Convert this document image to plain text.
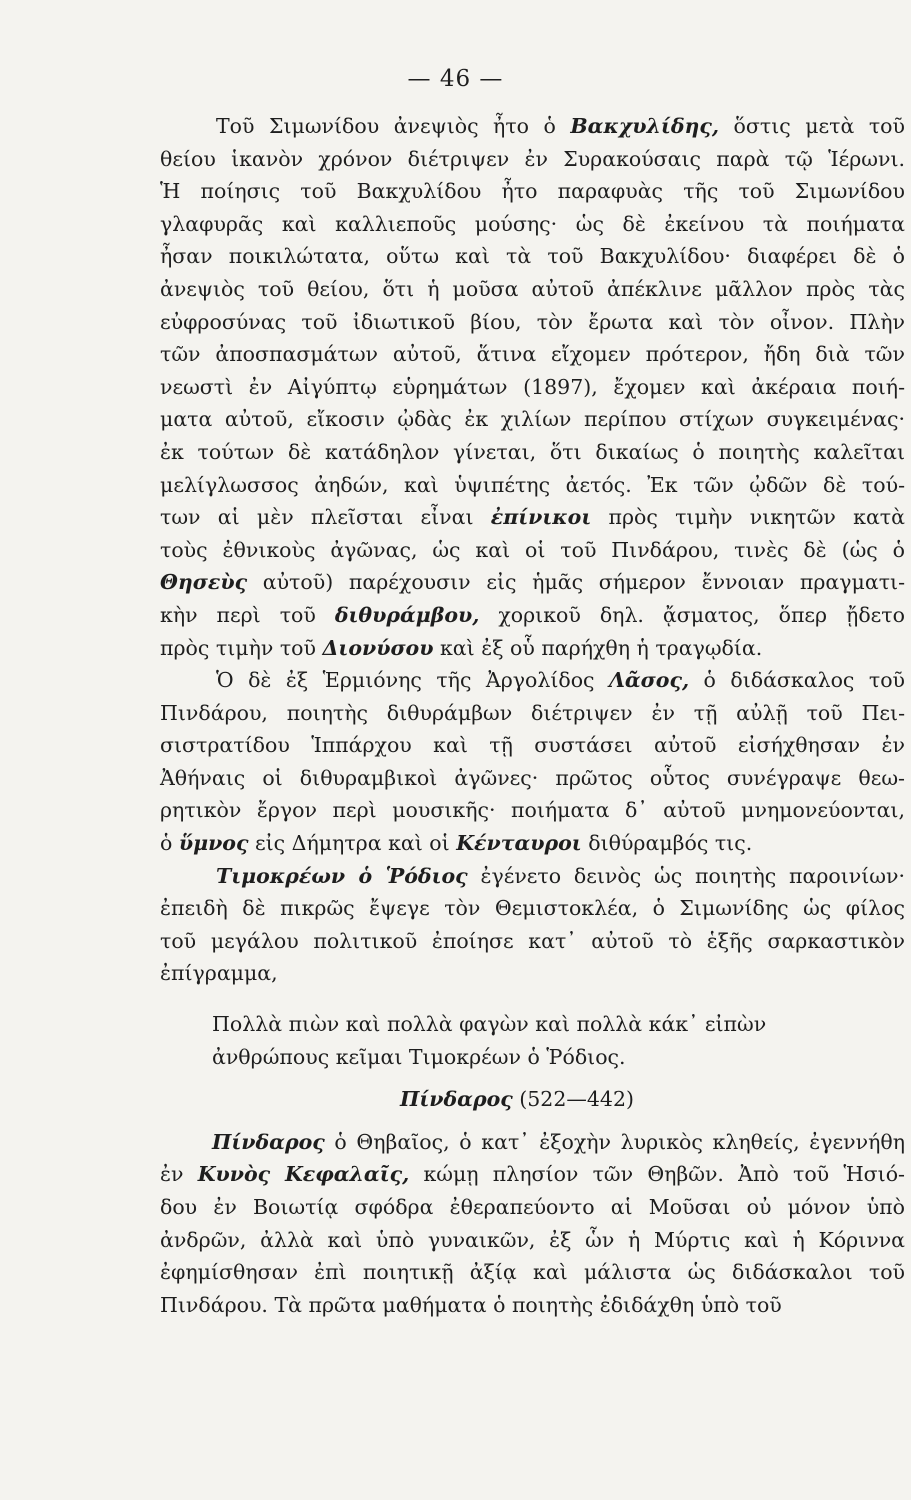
— 46 —
Τοῦ Σιμωνίδου ἀνεψιὸς ἦτο ὁ Βακχυλίδης, ὅστις μετὰ τοῦ
θείου ἱκανὸν χρόνον διέτριψεν ἐν Συρακούσαις παρὰ τῷ Ἱέρωνι.
Ἡ ποίησις τοῦ Βακχυλίδου ἦτο παραφυὰς τῆς τοῦ Σιμωνίδου
γλαφυρᾶς καὶ καλλιεποῦς μούσης· ὡς δὲ ἐκείνου τὰ ποιήματα
ἦσαν ποικιλώτατα, οὕτω καὶ τὰ τοῦ Βακχυλίδου· διαφέρει δὲ ὁ
ἀνεψιὸς τοῦ θείου, ὅτι ἡ μοῦσα αὐτοῦ ἀπέκλινε μᾶλλον πρὸς τὰς
εὐφροσύνας τοῦ ἰδιωτικοῦ βίου, τὸν ἔρωτα καὶ τὸν οἶνον. Πλὴν
τῶν ἀποσπασμάτων αὐτοῦ, ἅτινα εἴχομεν πρότερον, ἤδη διὰ τῶν
νεωστὶ ἐν Αἰγύπτῳ εὑρημάτων (1897), ἔχομεν καὶ ἀκέραια ποιή-
ματα αὐτοῦ, εἴκοσιν ᾠδὰς ἐκ χιλίων περίπου στίχων συγκειμένας·
ἐκ τούτων δὲ κατάδηλον γίνεται, ὅτι δικαίως ὁ ποιητὴς καλεῖται
μελίγλωσσος ἀηδών, καὶ ὑψιπέτης ἀετός. Ἐκ τῶν ᾠδῶν δὲ τού-
των αἱ μὲν πλεῖσται εἶναι ἐπίνικοι πρὸς τιμὴν νικητῶν κατὰ
τοὺς ἐθνικοὺς ἀγῶνας, ὡς καὶ οἱ τοῦ Πινδάρου, τινὲς δὲ (ὡς ὁ
Θησεὺς αὐτοῦ) παρέχουσιν εἰς ἡμᾶς σήμερον ἔννοιαν πραγματι-
κὴν περὶ τοῦ διθυράμβου, χορικοῦ δηλ. ᾄσματος, ὅπερ ᾔδετο
πρὸς τιμὴν τοῦ Διονύσου καὶ ἐξ οὗ παρήχθη ἡ τραγῳδία.
Ὁ δὲ ἐξ Ἑρμιόνης τῆς Ἀργολίδος Λᾶσος, ὁ διδάσκαλος τοῦ
Πινδάρου, ποιητὴς διθυράμβων διέτριψεν ἐν τῇ αὐλῇ τοῦ Πει-
σιστρατίδου Ἱππάρχου καὶ τῇ συστάσει αὐτοῦ εἰσήχθησαν ἐν
Ἀθήναις οἱ διθυραμβικοὶ ἀγῶνες· πρῶτος οὗτος συνέγραψε θεω-
ρητικὸν ἔργον περὶ μουσικῆς· ποιήματα δ᾽ αὐτοῦ μνημονεύονται,
ὁ ὕμνος εἰς Δήμητρα καὶ οἱ Κένταυροι διθύραμβός τις.
Τιμοκρέων ὁ Ῥόδιος ἐγένετο δεινὸς ὡς ποιητὴς παροινίων·
ἐπειδὴ δὲ πικρῶς ἔψεγε τὸν Θεμιστοκλέα, ὁ Σιμωνίδης ὡς φίλος
τοῦ μεγάλου πολιτικοῦ ἐποίησε κατ᾽ αὐτοῦ τὸ ἑξῆς σαρκαστικὸν
ἐπίγραμμα,
Πολλὰ πιὼν καὶ πολλὰ φαγὼν καὶ πολλὰ κάκ᾽ εἰπὼν
ἀνθρώπους κεῖμαι Τιμοκρέων ὁ Ῥόδιος.
Πίνδαρος (522—442)
Πίνδαρος ὁ Θηβαῖος, ὁ κατ᾽ ἐξοχὴν λυρικὸς κληθείς, ἐγεννήθη
ἐν Κυνὸς Κεφαλαῖς, κώμῃ πλησίον τῶν Θηβῶν. Ἀπὸ τοῦ Ἡσιό-
δου ἐν Βοιωτίᾳ σφόδρα ἐθεραπεύοντο αἱ Μοῦσαι οὐ μόνον ὑπὸ
ἀνδρῶν, ἀλλὰ καὶ ὑπὸ γυναικῶν, ἐξ ὧν ἡ Μύρτις καὶ ἡ Κόριννα
ἐφημίσθησαν ἐπὶ ποιητικῇ ἀξίᾳ καὶ μάλιστα ὡς διδάσκαλοι τοῦ
Πινδάρου. Τὰ πρῶτα μαθήματα ὁ ποιητὴς ἐδιδάχθη ὑπὸ τοῦ
